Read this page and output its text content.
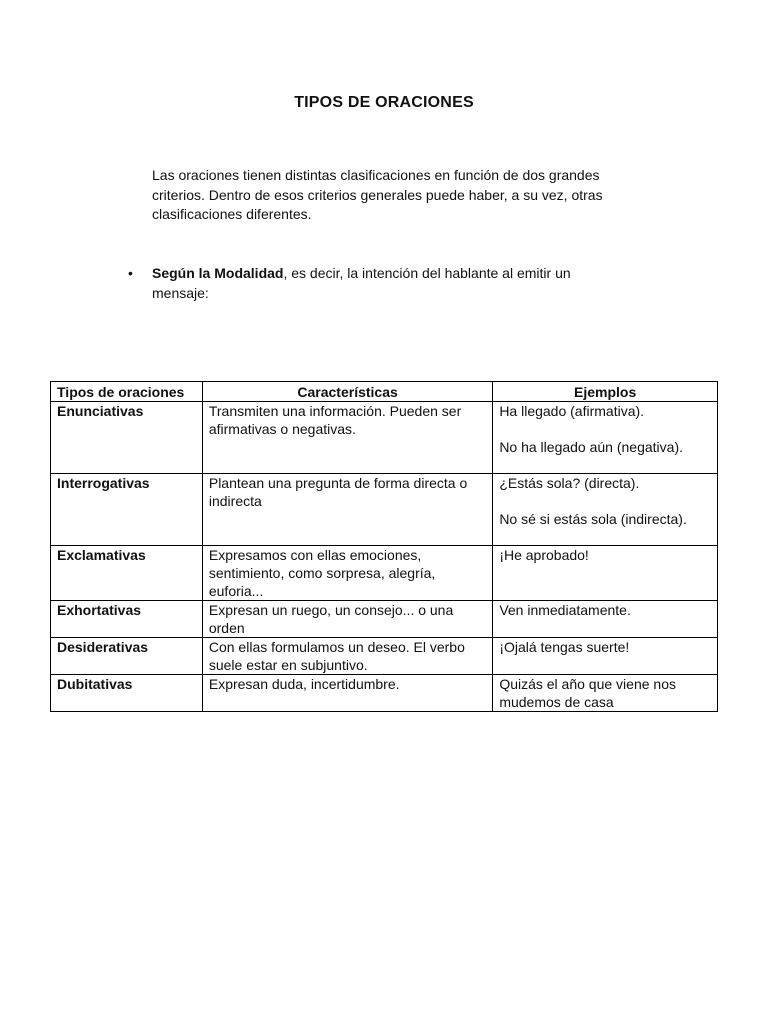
TIPOS DE ORACIONES

Las oraciones tienen distintas clasificaciones en función de dos grandes criterios. Dentro de esos criterios generales puede haber, a su vez, otras clasificaciones diferentes.

• Según la Modalidad, es decir, la intención del hablante al emitir un mensaje:
Tipos de oraciones	Características	Ejemplos
Enunciativas	Transmiten una información. Pueden ser afirmativas o negativas.	Ha llegado (afirmativa).

No ha llegado aún (negativa).

Interrogativas	Plantean una pregunta de forma directa o indirecta	¿Estás sola? (directa).

No sé si estás sola (indirecta).

Exclamativas	Expresamos con ellas emociones, sentimiento, como sorpresa, alegría, euforia...	¡He aprobado!

Exhortativas	Expresan un ruego, un consejo... o una orden	Ven inmediatamente.

Desiderativas	Con ellas formulamos un deseo. El verbo suele estar en subjuntivo.	¡Ojalá tengas suerte!

Dubitativas	Expresan duda, incertidumbre.	Quizás el año que viene nos mudemos de casa
